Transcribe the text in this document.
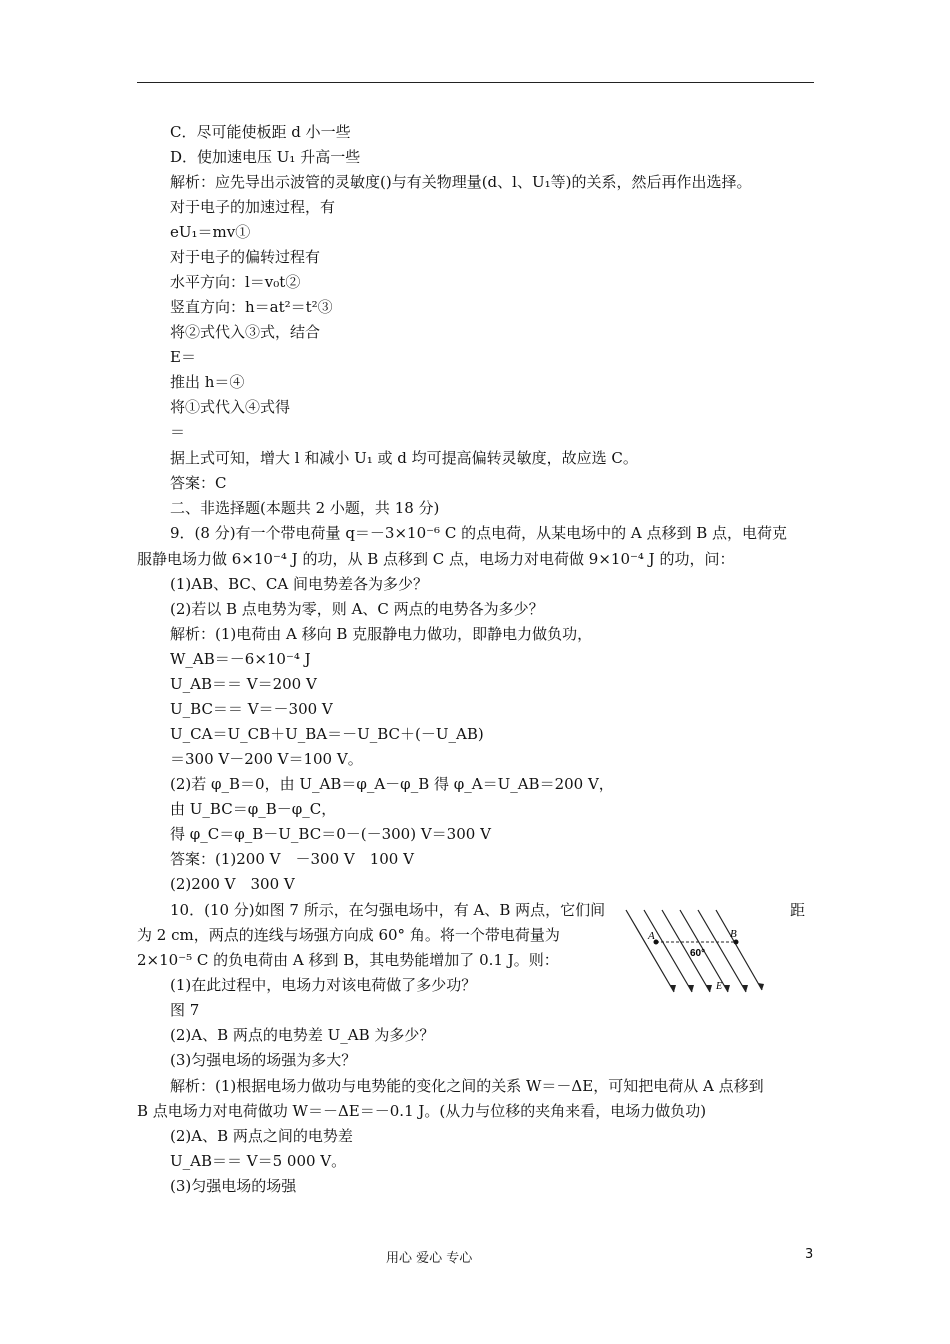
C．尽可能使板距 d 小一些
D．使加速电压 U₁ 升高一些
解析：应先导出示波管的灵敏度()与有关物理量(d、l、U₁等)的关系，然后再作出选择。
对于电子的加速过程，有
eU₁＝mv①
对于电子的偏转过程有
水平方向：l＝v₀t②
竖直方向：h＝at²＝t²③
将②式代入③式，结合
E＝
推出 h＝④
将①式代入④式得
＝
据上式可知，增大 l 和减小 U₁ 或 d 均可提高偏转灵敏度，故应选 C。
答案：C
二、非选择题(本题共 2 小题，共 18 分)
9．(8 分)有一个带电荷量 q＝－3×10⁻⁶ C 的点电荷，从某电场中的 A 点移到 B 点，电荷克
服静电场力做 6×10⁻⁴ J 的功，从 B 点移到 C 点，电场力对电荷做 9×10⁻⁴ J 的功，问：
(1)AB、BC、CA 间电势差各为多少？
(2)若以 B 点电势为零，则 A、C 两点的电势各为多少？
解析：(1)电荷由 A 移向 B 克服静电力做功，即静电力做负功，
W_AB＝－6×10⁻⁴ J
U_AB＝＝ V＝200 V
U_BC＝＝ V＝－300 V
U_CA＝U_CB＋U_BA＝－U_BC＋(－U_AB)
＝300 V－200 V＝100 V。
(2)若 φ_B＝0，由 U_AB＝φ_A－φ_B 得 φ_A＝U_AB＝200 V，
由 U_BC＝φ_B－φ_C，
得 φ_C＝φ_B－U_BC＝0－(－300) V＝300 V
答案：(1)200 V　－300 V　100 V
(2)200 V　300 V
10．(10 分)如图 7 所示，在匀强电场中，有 A、B 两点，它们间
为 2 cm，两点的连线与场强方向成 60° 角。将一个带电荷量为
2×10⁻⁵ C 的负电荷由 A 移到 B，其电势能增加了 0.1 J。则：
(1)在此过程中，电场力对该电荷做了多少功？
图 7
(2)A、B 两点的电势差 U_AB 为多少？
(3)匀强电场的场强为多大？
解析：(1)根据电场力做功与电势能的变化之间的关系 W＝－ΔE，可知把电荷从 A 点移到
B 点电场力对电荷做功 W＝－ΔE＝－0.1 J。(从力与位移的夹角来看，电场力做负功)
(2)A、B 两点之间的电势差
U_AB＝＝ V＝5 000 V。
(3)匀强电场的场强
距
A	B
60°
E
用心 爱心 专心	3
